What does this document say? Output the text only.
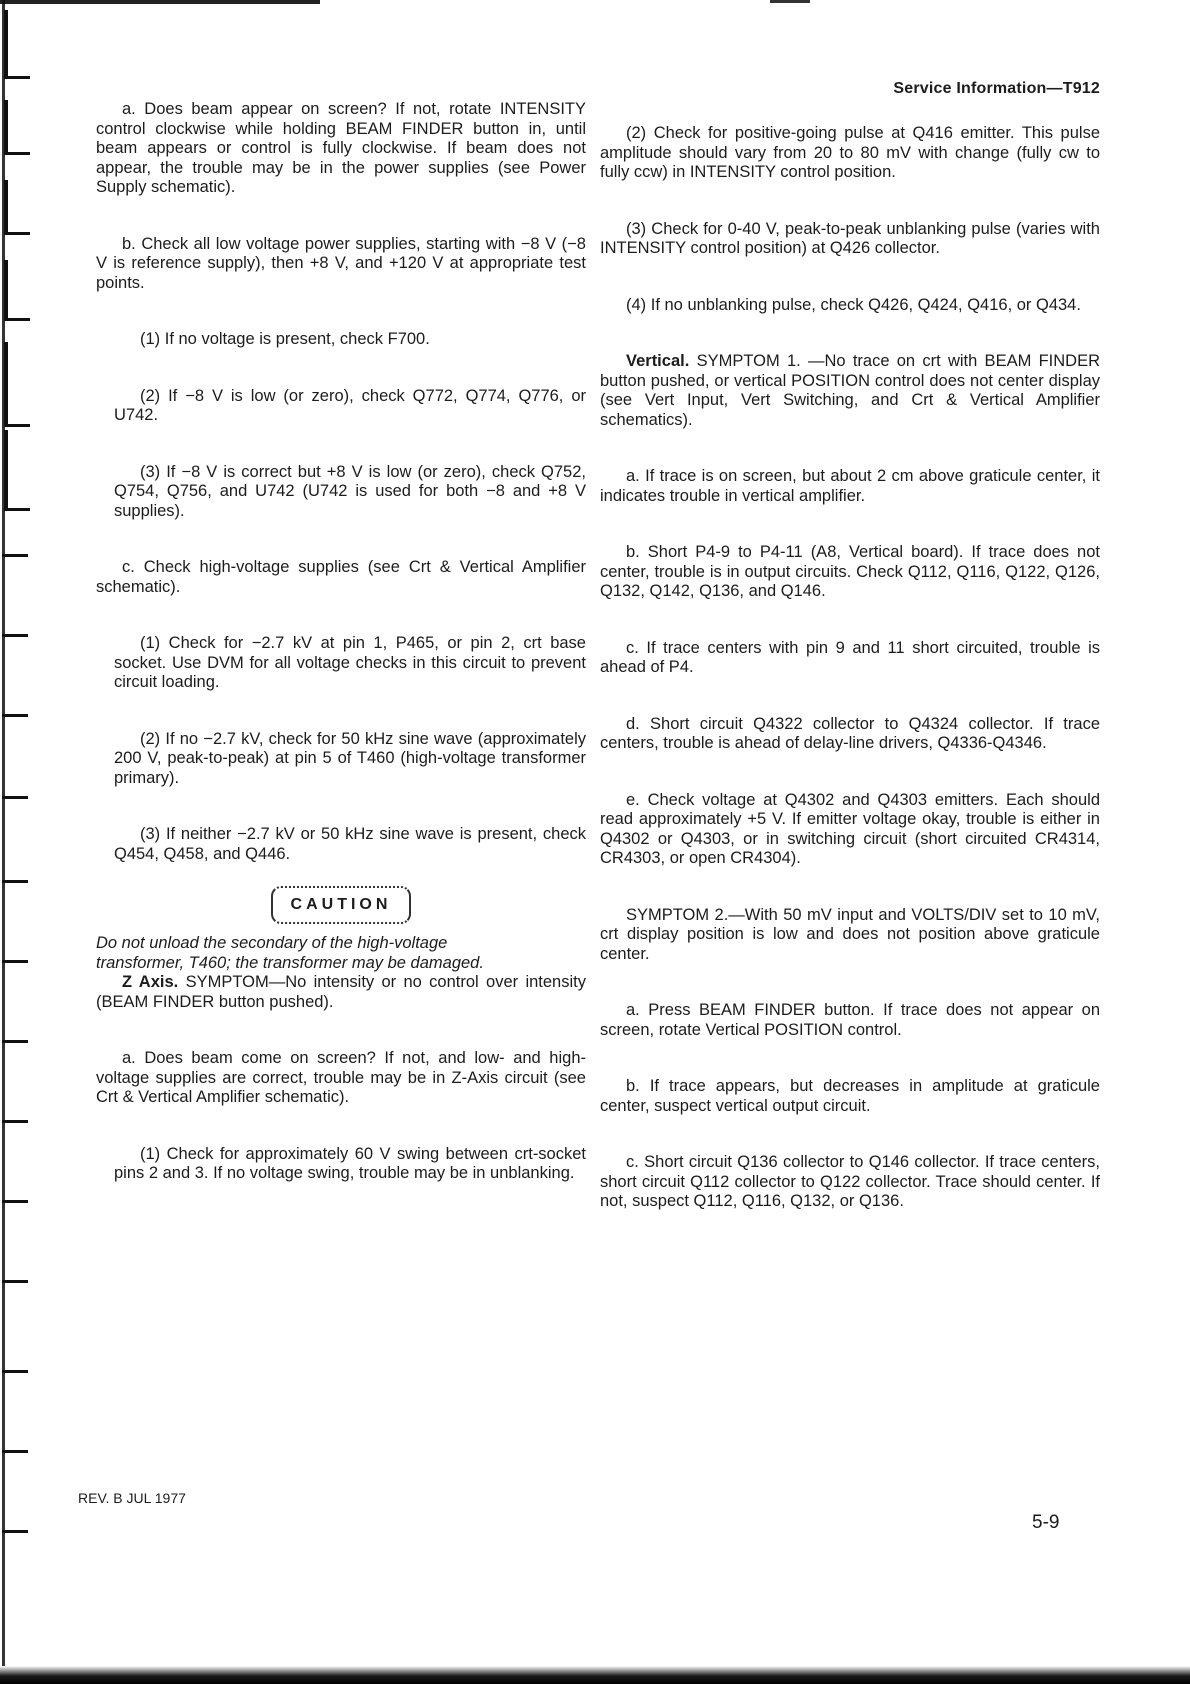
Service Information—T912

a. Does beam appear on screen? If not, rotate INTENSITY control clockwise while holding BEAM FINDER button in, until beam appears or control is fully clockwise. If beam does not appear, the trouble may be in the power supplies (see Power Supply schematic).

b. Check all low voltage power supplies, starting with −8 V (−8 V is reference supply), then +8 V, and +120 V at appropriate test points.

(1) If no voltage is present, check F700.

(2) If −8 V is low (or zero), check Q772, Q774, Q776, or U742.

(3) If −8 V is correct but +8 V is low (or zero), check Q752, Q754, Q756, and U742 (U742 is used for both −8 and +8 V supplies).

c. Check high-voltage supplies (see Crt & Vertical Amplifier schematic).

(1) Check for −2.7 kV at pin 1, P465, or pin 2, crt base socket. Use DVM for all voltage checks in this circuit to prevent circuit loading.

(2) If no −2.7 kV, check for 50 kHz sine wave (approximately 200 V, peak-to-peak) at pin 5 of T460 (high-voltage transformer primary).

(3) If neither −2.7 kV or 50 kHz sine wave is present, check Q454, Q458, and Q446.

CAUTION

Do not unload the secondary of the high-voltage transformer, T460; the transformer may be damaged.

Z Axis. SYMPTOM—No intensity or no control over intensity (BEAM FINDER button pushed).

a. Does beam come on screen? If not, and low- and high-voltage supplies are correct, trouble may be in Z-Axis circuit (see Crt & Vertical Amplifier schematic).

(1) Check for approximately 60 V swing between crt-socket pins 2 and 3. If no voltage swing, trouble may be in unblanking.

(2) Check for positive-going pulse at Q416 emitter. This pulse amplitude should vary from 20 to 80 mV with change (fully cw to fully ccw) in INTENSITY control position.

(3) Check for 0-40 V, peak-to-peak unblanking pulse (varies with INTENSITY control position) at Q426 collector.

(4) If no unblanking pulse, check Q426, Q424, Q416, or Q434.

Vertical. SYMPTOM 1. —No trace on crt with BEAM FINDER button pushed, or vertical POSITION control does not center display (see Vert Input, Vert Switching, and Crt & Vertical Amplifier schematics).

a. If trace is on screen, but about 2 cm above graticule center, it indicates trouble in vertical amplifier.

b. Short P4-9 to P4-11 (A8, Vertical board). If trace does not center, trouble is in output circuits. Check Q112, Q116, Q122, Q126, Q132, Q142, Q136, and Q146.

c. If trace centers with pin 9 and 11 short circuited, trouble is ahead of P4.

d. Short circuit Q4322 collector to Q4324 collector. If trace centers, trouble is ahead of delay-line drivers, Q4336-Q4346.

e. Check voltage at Q4302 and Q4303 emitters. Each should read approximately +5 V. If emitter voltage okay, trouble is either in Q4302 or Q4303, or in switching circuit (short circuited CR4314, CR4303, or open CR4304).

SYMPTOM 2.—With 50 mV input and VOLTS/DIV set to 10 mV, crt display position is low and does not position above graticule center.

a. Press BEAM FINDER button. If trace does not appear on screen, rotate Vertical POSITION control.

b. If trace appears, but decreases in amplitude at graticule center, suspect vertical output circuit.

c. Short circuit Q136 collector to Q146 collector. If trace centers, short circuit Q112 collector to Q122 collector. Trace should center. If not, suspect Q112, Q116, Q132, or Q136.

REV. B JUL 1977
5-9
